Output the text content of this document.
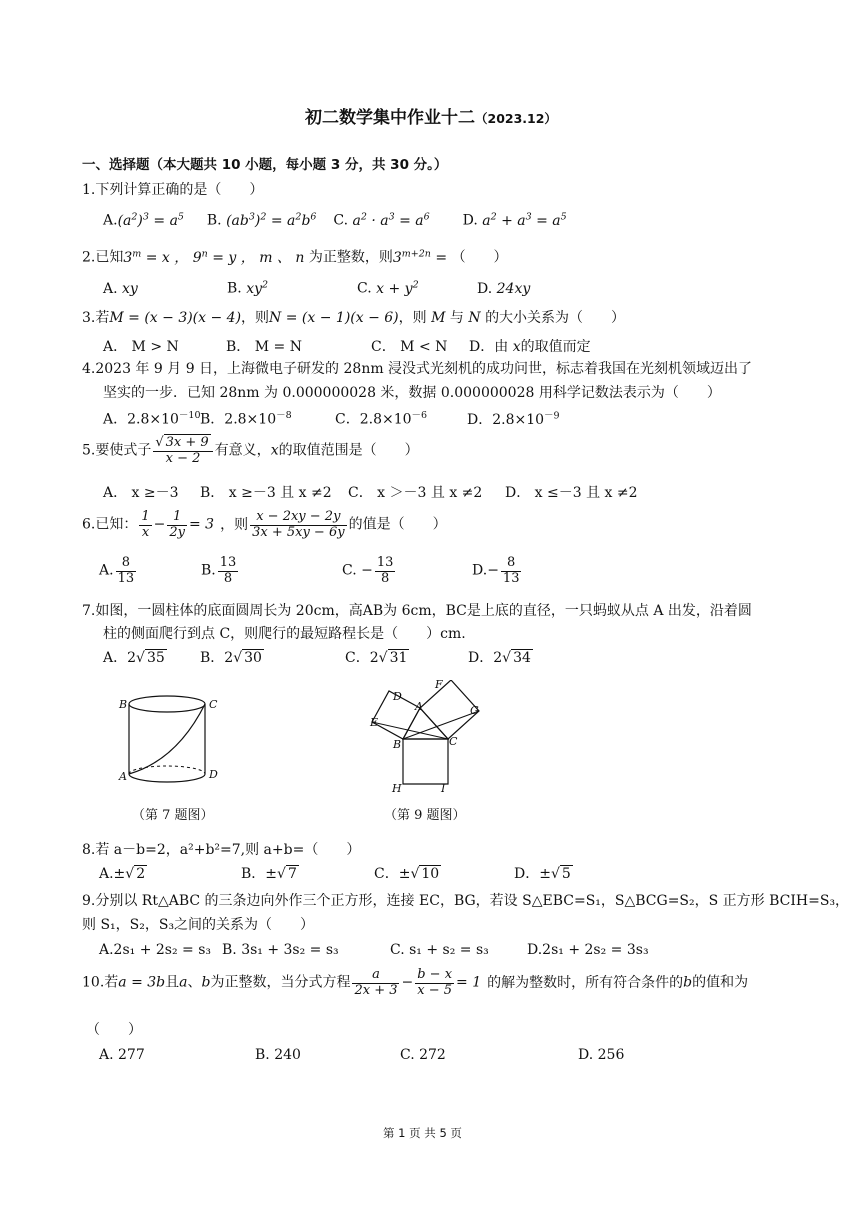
初二数学集中作业十二（2023.12）
一、选择题（本大题共 10 小题，每小题 3 分，共 30 分。）
1.下列计算正确的是（　　）
$A.(a^2)^3 = a^5$ B. $(ab^3)^2 = a^2b^6$ C. $a^2 \cdot a^3 = a^6$ D. $a^2 + a^3 = a^5$
2.已知$3^m = x$ ， $9^n = y$ ， m 、 n 为正整数，则$3^{m+2n}$ = （　　）
A. xy	B. $xy^2$	C. $x + y^2$	D. 24xy
3.若M = (x − 3)(x − 4)，则N = (x − 1)(x − 6)，则 M 与 N 的大小关系为（　　）
A． M > N	B． M = N	C． M < N D．由 x的取值而定
4.2023 年 9 月 9 日，上海微电子研发的 28nm 浸没式光刻机的成功问世，标志着我国在光刻机领域迈出了
坚实的一步．已知 28nm 为 0.000000028 米，数据 0.000000028 用科学记数法表示为（　　）
A．$2.8\times 10^{-10}B$．$2.8\times 10^{-8}$	C．$2.8\times 10^{-6}$	D．$2.8\times 10^{-9}$
5.要使式子 $\frac{√ 3x + 9}{x - 2}$ 有意义，x的取值范围是（　　）
A． x ≥－3 B． x ≥－3 且 x ≠2 C． x ＞－3 且 x ≠2 D． x ≤－3 且 x ≠2
6.已知： $\frac{1}{x} - \frac{1}{2y} = 3$ ，则 $\frac{x - 2xy - 2y}{3x + 5xy - 6y}$ 的值是（　　）
A. $\frac{8}{13}$	B. $\frac{13}{8}$	C. − $\frac{13}{8}$	$D.- \frac{8}{13}$
7.如图，一圆柱体的底面圆周长为 20cm，高AB为 6cm，BC是上底的直径，一只蚂蚁从点 A 出发，沿着圆
柱的侧面爬行到点 C，则爬行的最短路程长是（　　）cm.
A．2√ 35	B．2√ 30	C．2√ 31	D．2√ 34
B	C
A	D
（第 7 题图）
F
D
A	G
E
B	C
H	I
（第 9 题图）
8.若 a－b=2，a²+b²=7,则 a+b=（　　）
A.±√ 2	B．±√ 7	C．±√ 10	D．±√ 5
9.分别以 Rt△ABC 的三条边向外作三个正方形，连接 EC，BG，若设 S△EBC=S₁，S△BCG=S₂，S 正方形 BCIH=S₃，
则 S₁，S₂，S₃之间的关系为（　　）
A.2s₁ + 2s₂ = s₃ B. 3s₁ + 3s₂ = s₃	C. s₁ + s₂ = s₃	D.2s₁ + 2s₂ = 3s₃
10.若a = 3b且a、b为正整数，当分式方程 $\frac{a}{2x + 3} - \frac{b - x}{x - 5} = 1$ 的解为整数时，所有符合条件的b的值和为
（　　）
A. 277	B. 240	C. 272	D. 256
第 1 页 共 5 页
